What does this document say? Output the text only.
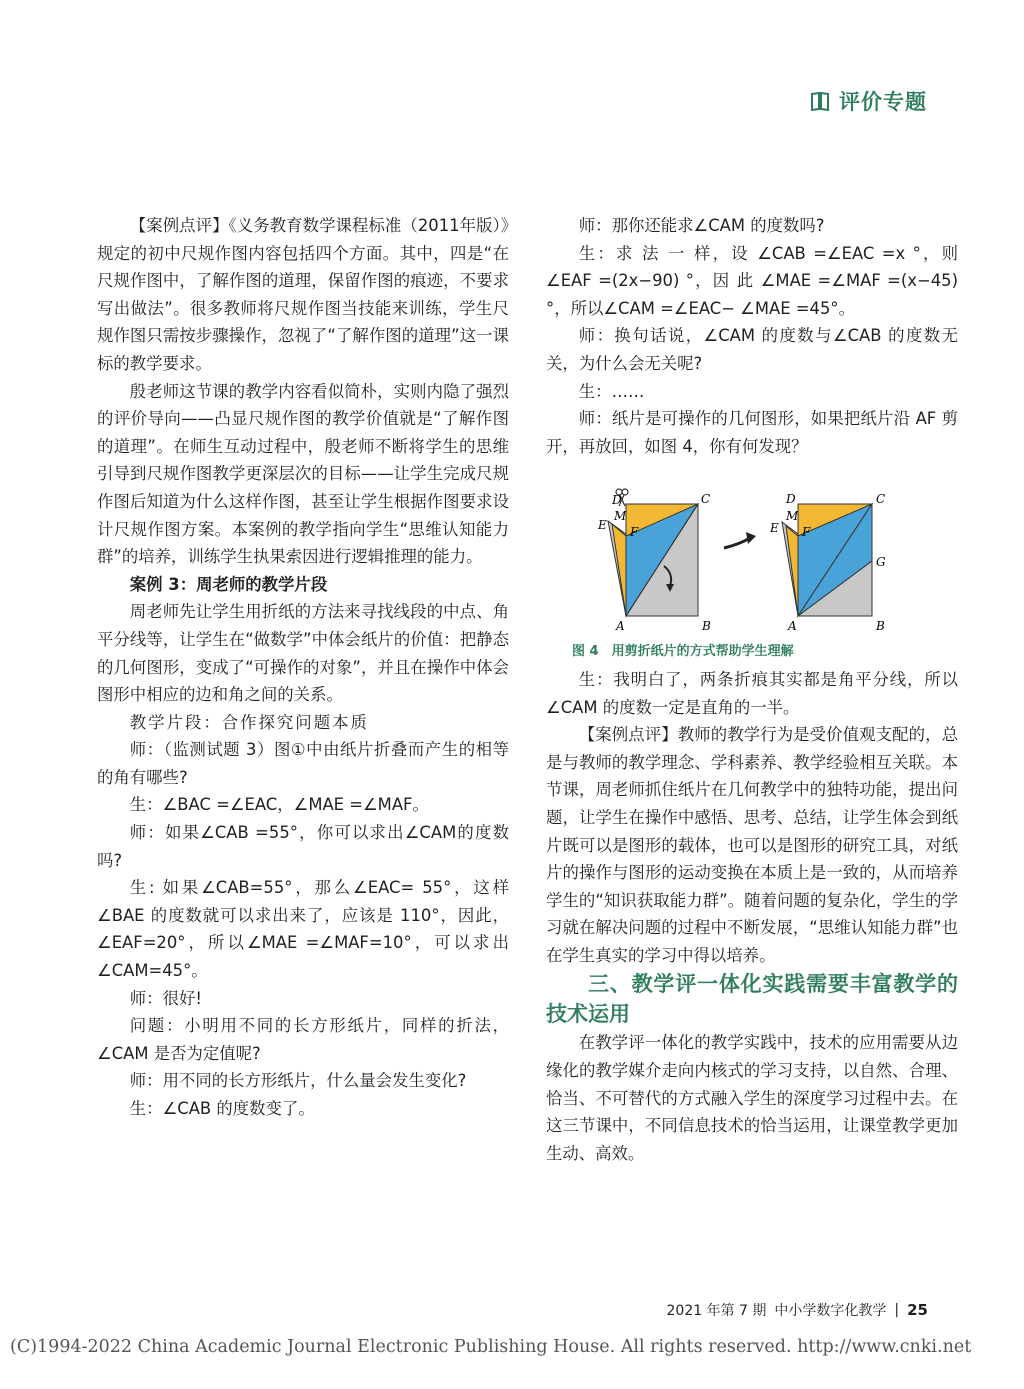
评价专题

【案例点评】《义务教育数学课程标准（2011年版）》规定的初中尺规作图内容包括四个方面。其中，四是“在尺规作图中，了解作图的道理，保留作图的痕迹，不要求写出做法”。很多教师将尺规作图当技能来训练，学生尺规作图只需按步骤操作，忽视了“了解作图的道理”这一课标的教学要求。

殷老师这节课的教学内容看似简朴，实则内隐了强烈的评价导向——凸显尺规作图的教学价值就是“了解作图的道理”。在师生互动过程中，殷老师不断将学生的思维引导到尺规作图教学更深层次的目标——让学生完成尺规作图后知道为什么这样作图，甚至让学生根据作图要求设计尺规作图方案。本案例的教学指向学生“思维认知能力群”的培养，训练学生执果索因进行逻辑推理的能力。

案例 3：周老师的教学片段

周老师先让学生用折纸的方法来寻找线段的中点、角平分线等，让学生在“做数学”中体会纸片的价值：把静态的几何图形，变成了“可操作的对象”，并且在操作中体会图形中相应的边和角之间的关系。

教学片段：合作探究问题本质

师：（监测试题 3）图①中由纸片折叠而产生的相等的角有哪些?

生：∠BAC =∠EAC，∠MAE =∠MAF。

师：如果∠CAB =55°，你可以求出∠CAM的度数吗?

生: 如果∠CAB=55°，那么∠EAC= 55°，这样∠BAE 的度数就可以求出来了，应该是 110°，因此，∠EAF=20°，所以∠MAE =∠MAF=10°，可以求出∠CAM=45°。

师：很好!

问题：小明用不同的长方形纸片，同样的折法，∠CAM 是否为定值呢?

师：用不同的长方形纸片，什么量会发生变化?

生：∠CAB 的度数变了。

师：那你还能求∠CAM 的度数吗?

生：求 法 一 样，设 ∠CAB =∠EAC =x °，则∠EAF =(2x−90) °，因 此 ∠MAE =∠MAF =(x−45)°，所以∠CAM =∠EAC− ∠MAE =45°。

师：换句话说，∠CAM 的度数与∠CAB 的度数无关，为什么会无关呢?

生：……

师：纸片是可操作的几何图形，如果把纸片沿 AF 剪开，再放回，如图 4，你有何发现？

D	C
M
F
E
A	B
D	C
M
F
E
G
A	B

图 4　用剪折纸片的方式帮助学生理解

生：我明白了，两条折痕其实都是角平分线，所以∠CAM 的度数一定是直角的一半。

【案例点评】教师的教学行为是受价值观支配的，总是与教师的教学理念、学科素养、教学经验相互关联。本节课，周老师抓住纸片在几何教学中的独特功能，提出问题，让学生在操作中感悟、思考、总结，让学生体会到纸片既可以是图形的载体，也可以是图形的研究工具，对纸片的操作与图形的运动变换在本质上是一致的，从而培养学生的“知识获取能力群”。随着问题的复杂化，学生的学习就在解决问题的过程中不断发展，“思维认知能力群”也在学生真实的学习中得以培养。

三、教学评一体化实践需要丰富教学的技术运用

在教学评一体化的教学实践中，技术的应用需要从边缘化的教学媒介走向内核式的学习支持，以自然、合理、恰当、不可替代的方式融入学生的深度学习过程中去。在这三节课中，不同信息技术的恰当运用，让课堂教学更加生动、高效。

2021 年第 7 期 中小学数字化教学 | 25
(C)1994-2022 China Academic Journal Electronic Publishing House. All rights reserved. http://www.cnki.net
